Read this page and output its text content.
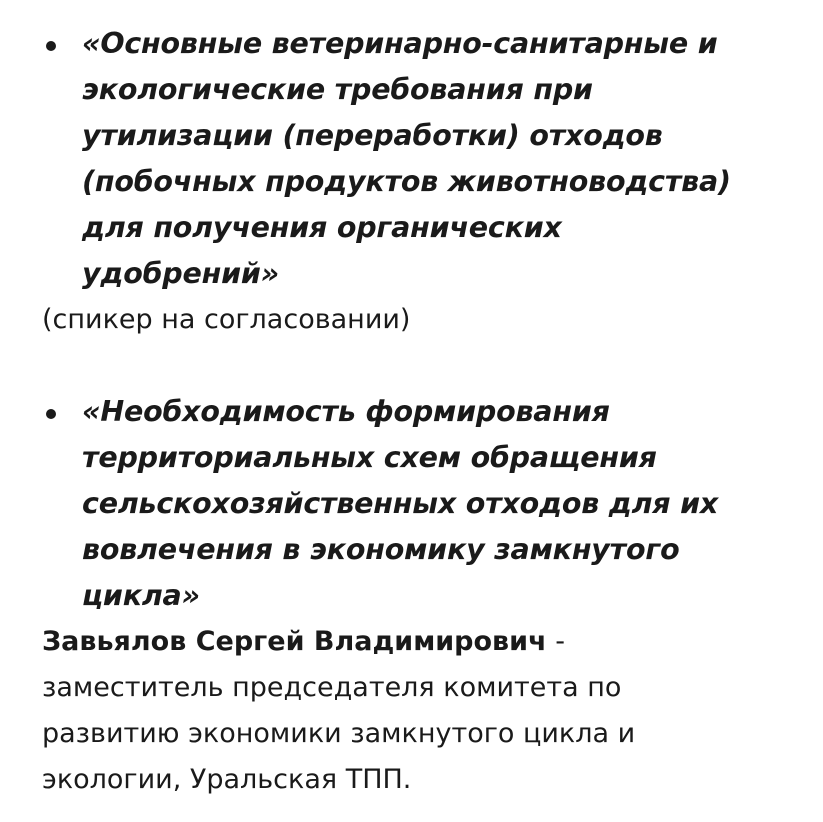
«Основные ветеринарно-санитарные и
экологические требования при
утилизации (переработки) отходов
(побочных продуктов животноводства)
для получения органических
удобрений»

(спикер на согласовании)

«Необходимость формирования
территориальных схем обращения
сельскохозяйственных отходов для их
вовлечения в экономику замкнутого
цикла»

Завьялов Сергей Владимирович -

заместитель председателя комитета по
развитию экономики замкнутого цикла и
экологии, Уральская ТПП.
